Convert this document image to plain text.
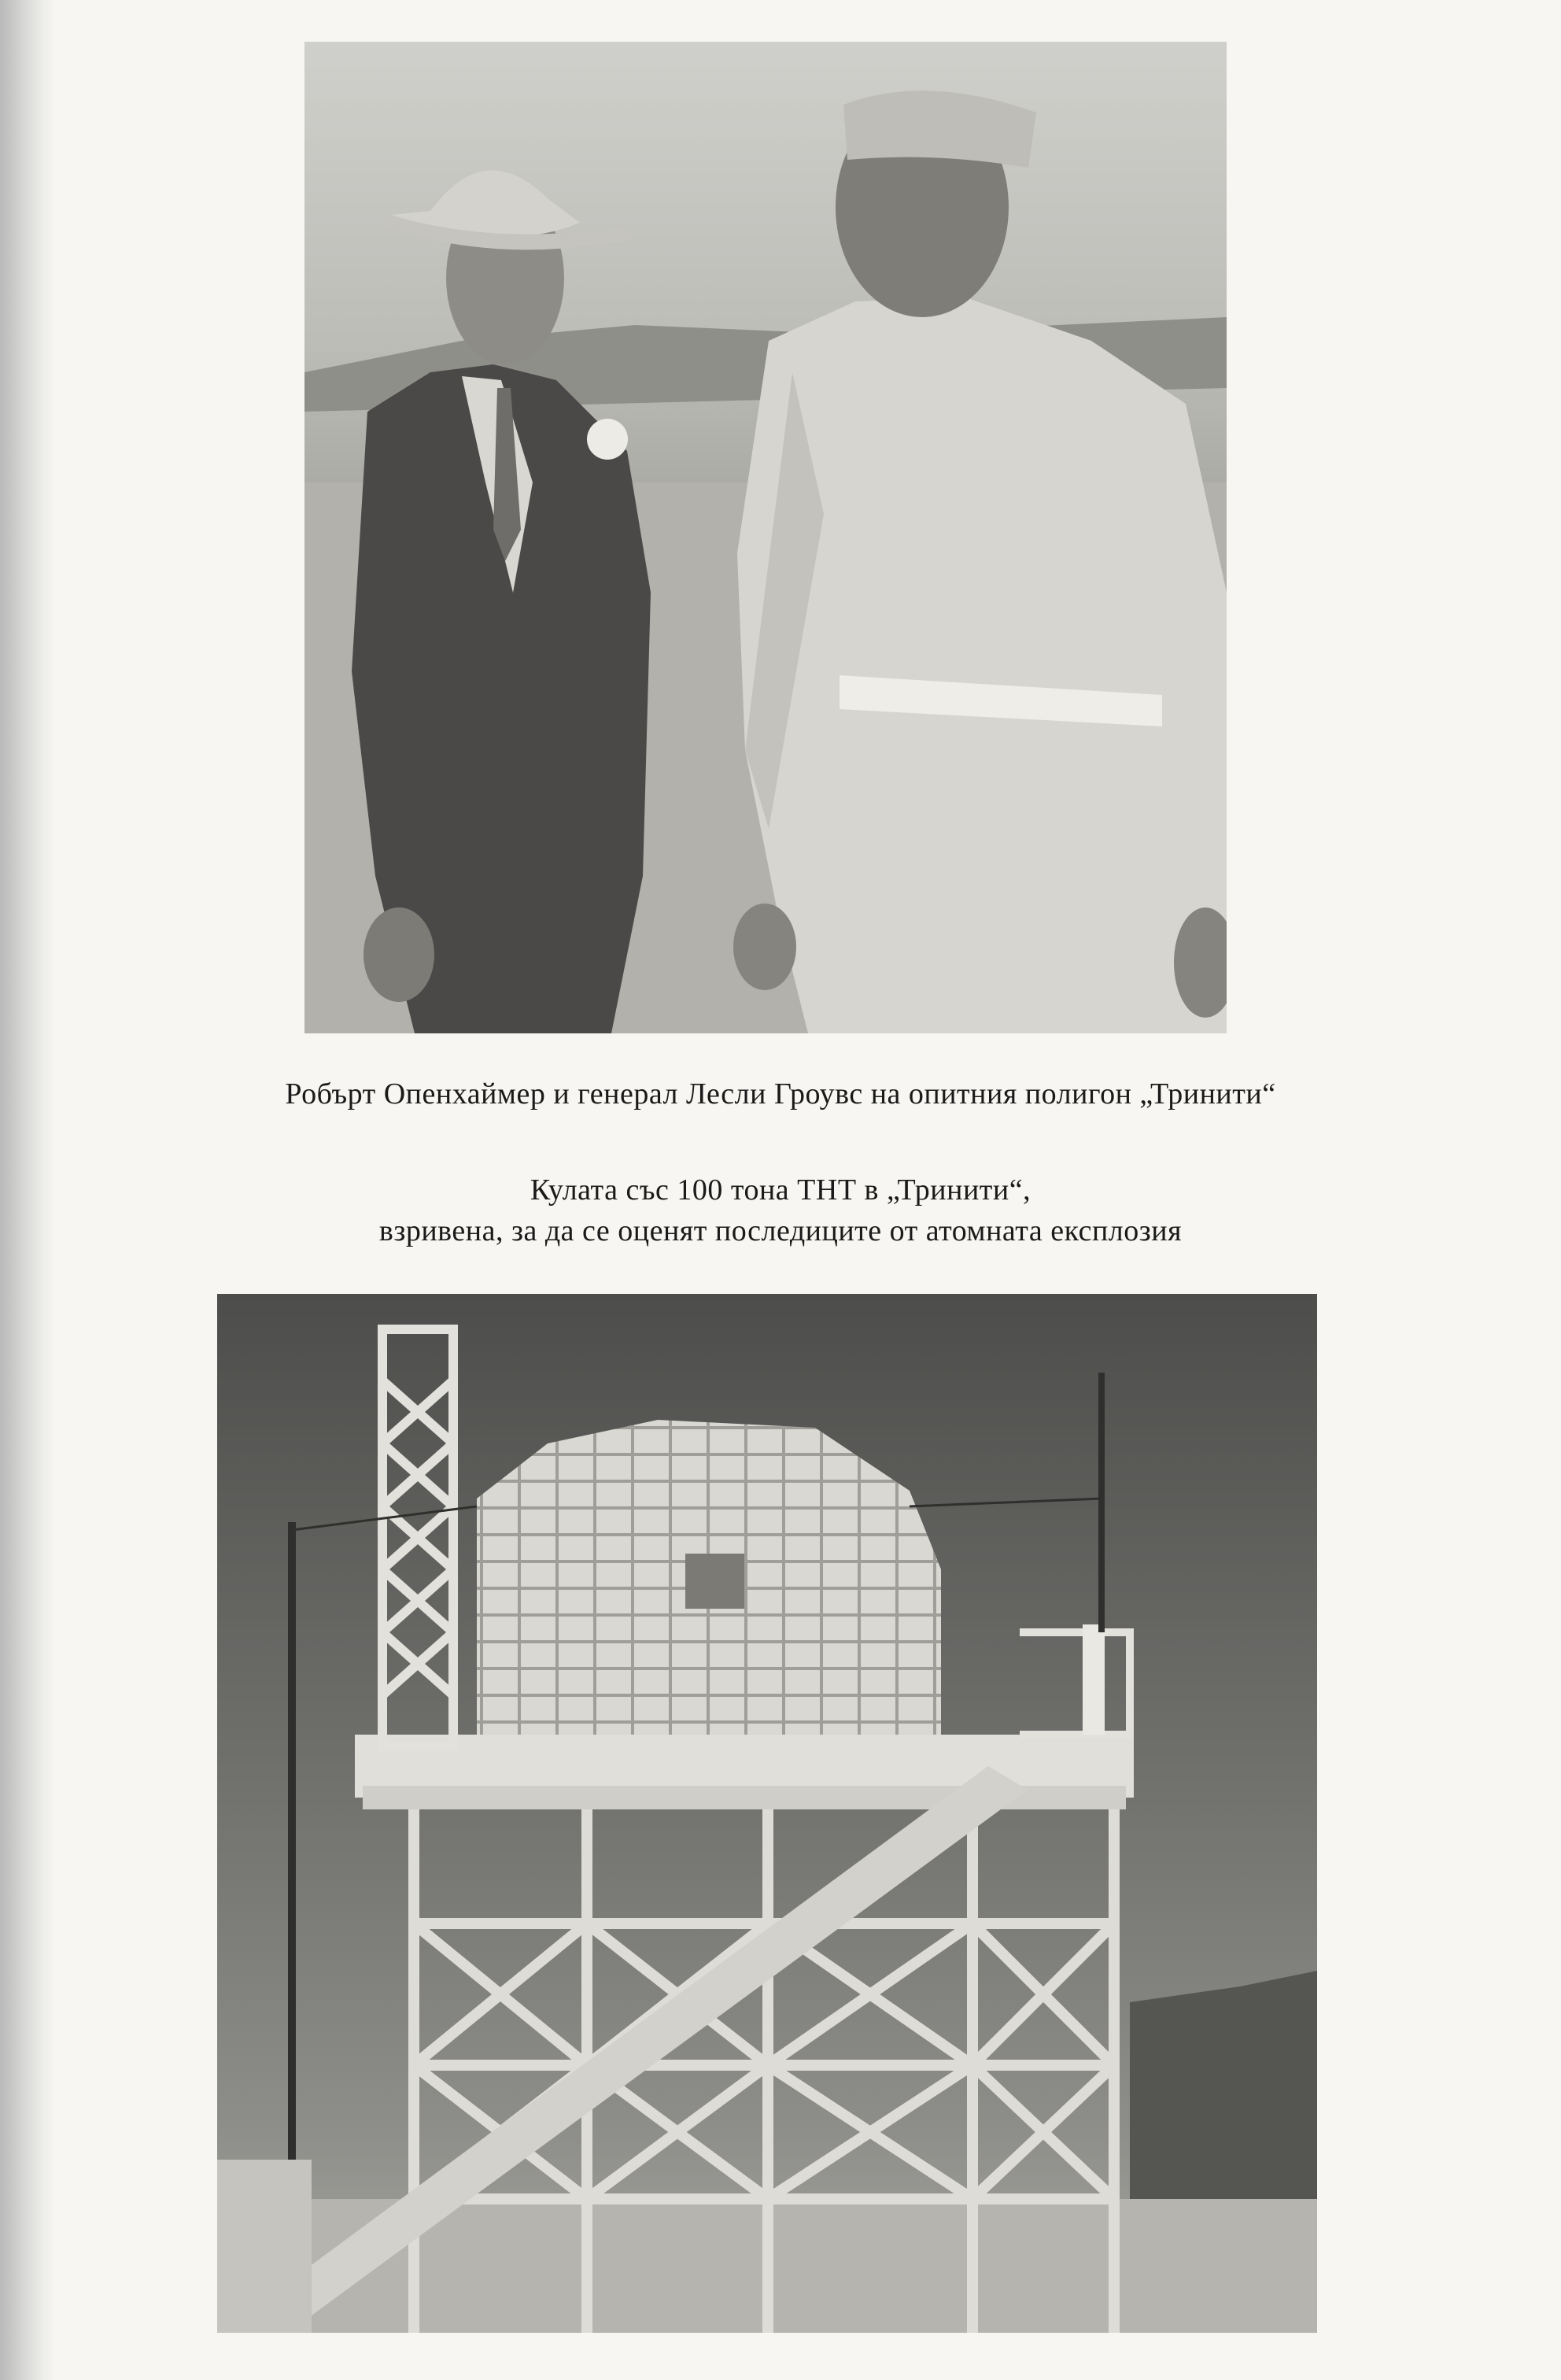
Робърт Опенхаймер и генерал Лесли Гроувс на опитния полигон „Тринити“
Кулата със 100 тона ТНТ в „Тринити“,
взривена, за да се оценят последиците от атомната експлозия
